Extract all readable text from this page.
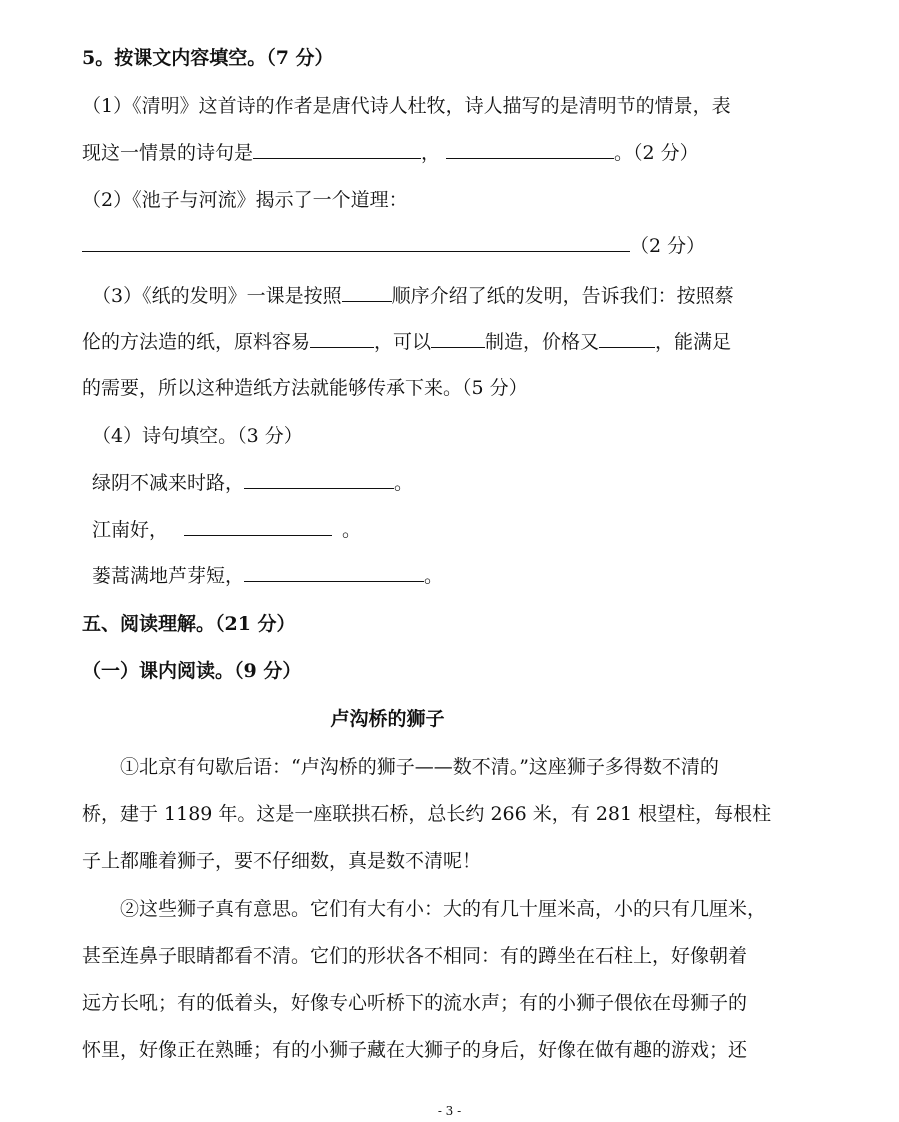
5。按课文内容填空。（7 分）
（1）《清明》这首诗的作者是唐代诗人杜牧，诗人描写的是清明节的情景，表
现这一情景的诗句是	，	。（2 分）
（2）《池子与河流》揭示了一个道理：
（2 分）
（3）《纸的发明》一课是按照	顺序介绍了纸的发明，告诉我们：按照蔡
伦的方法造的纸，原料容易	，可以	制造，价格又	，能满足
的需要，所以这种造纸方法就能够传承下来。（5 分）
（4）诗句填空。（3 分）
绿阴不减来时路，	。
江南好，	。
蒌蒿满地芦芽短，	。
五、阅读理解。（21 分）
（一）课内阅读。（9 分）
卢沟桥的狮子
①北京有句歇后语：“卢沟桥的狮子——数不清。”这座狮子多得数不清的
桥，建于 1189 年。这是一座联拱石桥，总长约 266 米，有 281 根望柱，每根柱
子上都雕着狮子，要不仔细数，真是数不清呢！
②这些狮子真有意思。它们有大有小：大的有几十厘米高，小的只有几厘米，
甚至连鼻子眼睛都看不清。它们的形状各不相同：有的蹲坐在石柱上，好像朝着
远方长吼；有的低着头，好像专心听桥下的流水声；有的小狮子偎依在母狮子的
怀里，好像正在熟睡；有的小狮子藏在大狮子的身后，好像在做有趣的游戏；还
- 3 -
